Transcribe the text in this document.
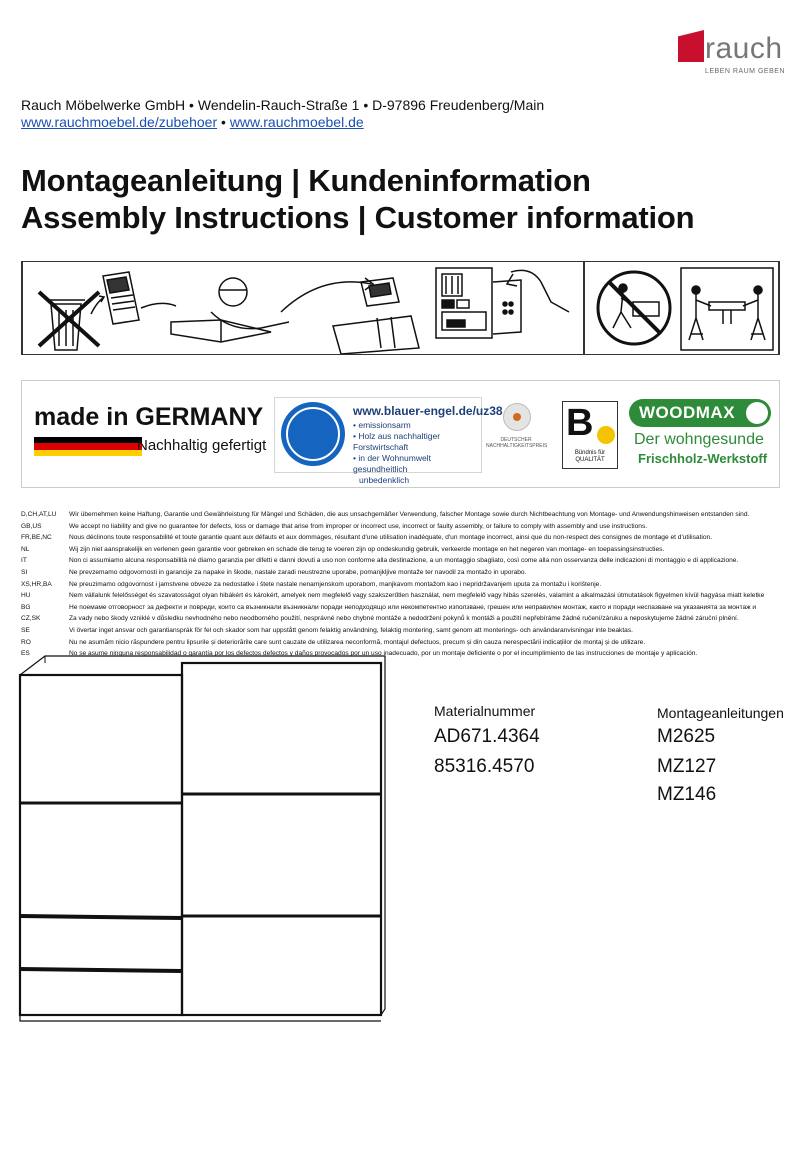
rauch
LEBEN RAUM GEBEN
Rauch Möbelwerke GmbH • Wendelin-Rauch-Straße 1 • D-97896 Freudenberg/Main
www.rauchmoebel.de/zubehoer • www.rauchmoebel.de
Montageanleitung | Kundeninformation
Assembly Instructions | Customer information
made in GERMANY
Nachhaltig gefertigt
www.blauer-engel.de/uz38
• emissionsarm
• Holz aus nachhaltiger Forstwirtschaft
• in der Wohnumwelt gesundheitlich
unbedenklich
DEUTSCHER NACHHALTIGKEITSPREIS
B
Bündnis für QUALITÄT
WOODMAX
Der wohngesunde
Frischholz-Werkstoff
D,CH,AT,LU Wir übernehmen keine Haftung, Garantie und Gewährleistung für Mängel und Schäden, die aus unsachgemäßer Verwendung, falscher Montage sowie durch Nichtbeachtung von Montage- und Anwendungshinweisen entstanden sind.
GB,US	We accept no liability and give no guarantee for defects, loss or damage that arise from improper or incorrect use, incorrect or faulty assembly, or failure to comply with assembly and use instructions.
FR,BE,NC	Nous déclinons toute responsabilité et toute garantie quant aux défauts et aux dommages, résultant d'une utilisation inadéquate, d'un montage incorrect, ainsi que du non-respect des consignes de montage et d'utilisation.
NL	Wij zijn niet aansprakelijk en verlenen geen garantie voor gebreken en schade die terug te voeren zijn op ondeskundig gebruik, verkeerde montage en het negeren van montage- en toepassingsinstructies.
IT	Non ci assumiamo alcuna responsabilità né diamo garanzia per difetti e danni dovuti a uso non conforme alla destinazione, a un montaggio sbagliato, così come alla non osservanza delle indicazioni di montaggio e di applicazione.
SI	Ne prevzemamo odgovornosti in garancije za napake in škode, nastale zaradi neustrezne uporabe, pomanjkljive montaže ter navodil za montažo in uporabo.
XS,HR,BA	Ne preuzimamo odgovornost i jamstvene obveze za nedostatke i štete nastale nenamjenskom uporabom, manjkavom montažom kao i nepridržavanjem uputa za montažu i korištenje.
HU	Nem vállalunk felelősséget és szavatosságot olyan hibákért és károkért, amelyek nem megfelelő vagy szakszerűtlen használat, nem megfelelő vagy hibás szerelés, valamint a alkalmazási útmutatások figyelmen kívül hagyása miatt keletke
BG	Не поемаме отговорност за дефекти и повреди, които са възникнали възникнали поради неподходящо или некомпетентно използване, грешен или неправилен монтаж, както и поради неспазване на указанията за монтаж и
CZ,SK	Za vady nebo škody vzniklé v důsledku nevhodného nebo neodborného použití, nesprávné nebo chybné montáže a nedodržení pokynů k montáži a použití nepřebíráme žádné ručení/záruku a neposkytujeme žádné záruční plnění.
SE	Vi övertar inget ansvar och garantiansprák för fel och skador som har uppstått genom felaktig användning, felaktig montering, samt genom att monterings- och användaranvisningar inte beaktas.
RO	Nu ne asumăm nicio răspundere pentru lipsurile și deteriorările care sunt cauzate de utilizarea neconformă, montajul defectuos, precum și din cauza nerespectării indicațiilor de montaj și de utilizare.
ES	No se asume ninguna responsabilidad o garantía por los defectos defectos y daños provocados por un uso inadecuado, por un montaje deficiente o por el incumplimiento de las instrucciones de montaje y aplicación.
Materialnummer
AD671.4364
85316.4570
Montageanleitungen
M2625
MZ127
MZ146
